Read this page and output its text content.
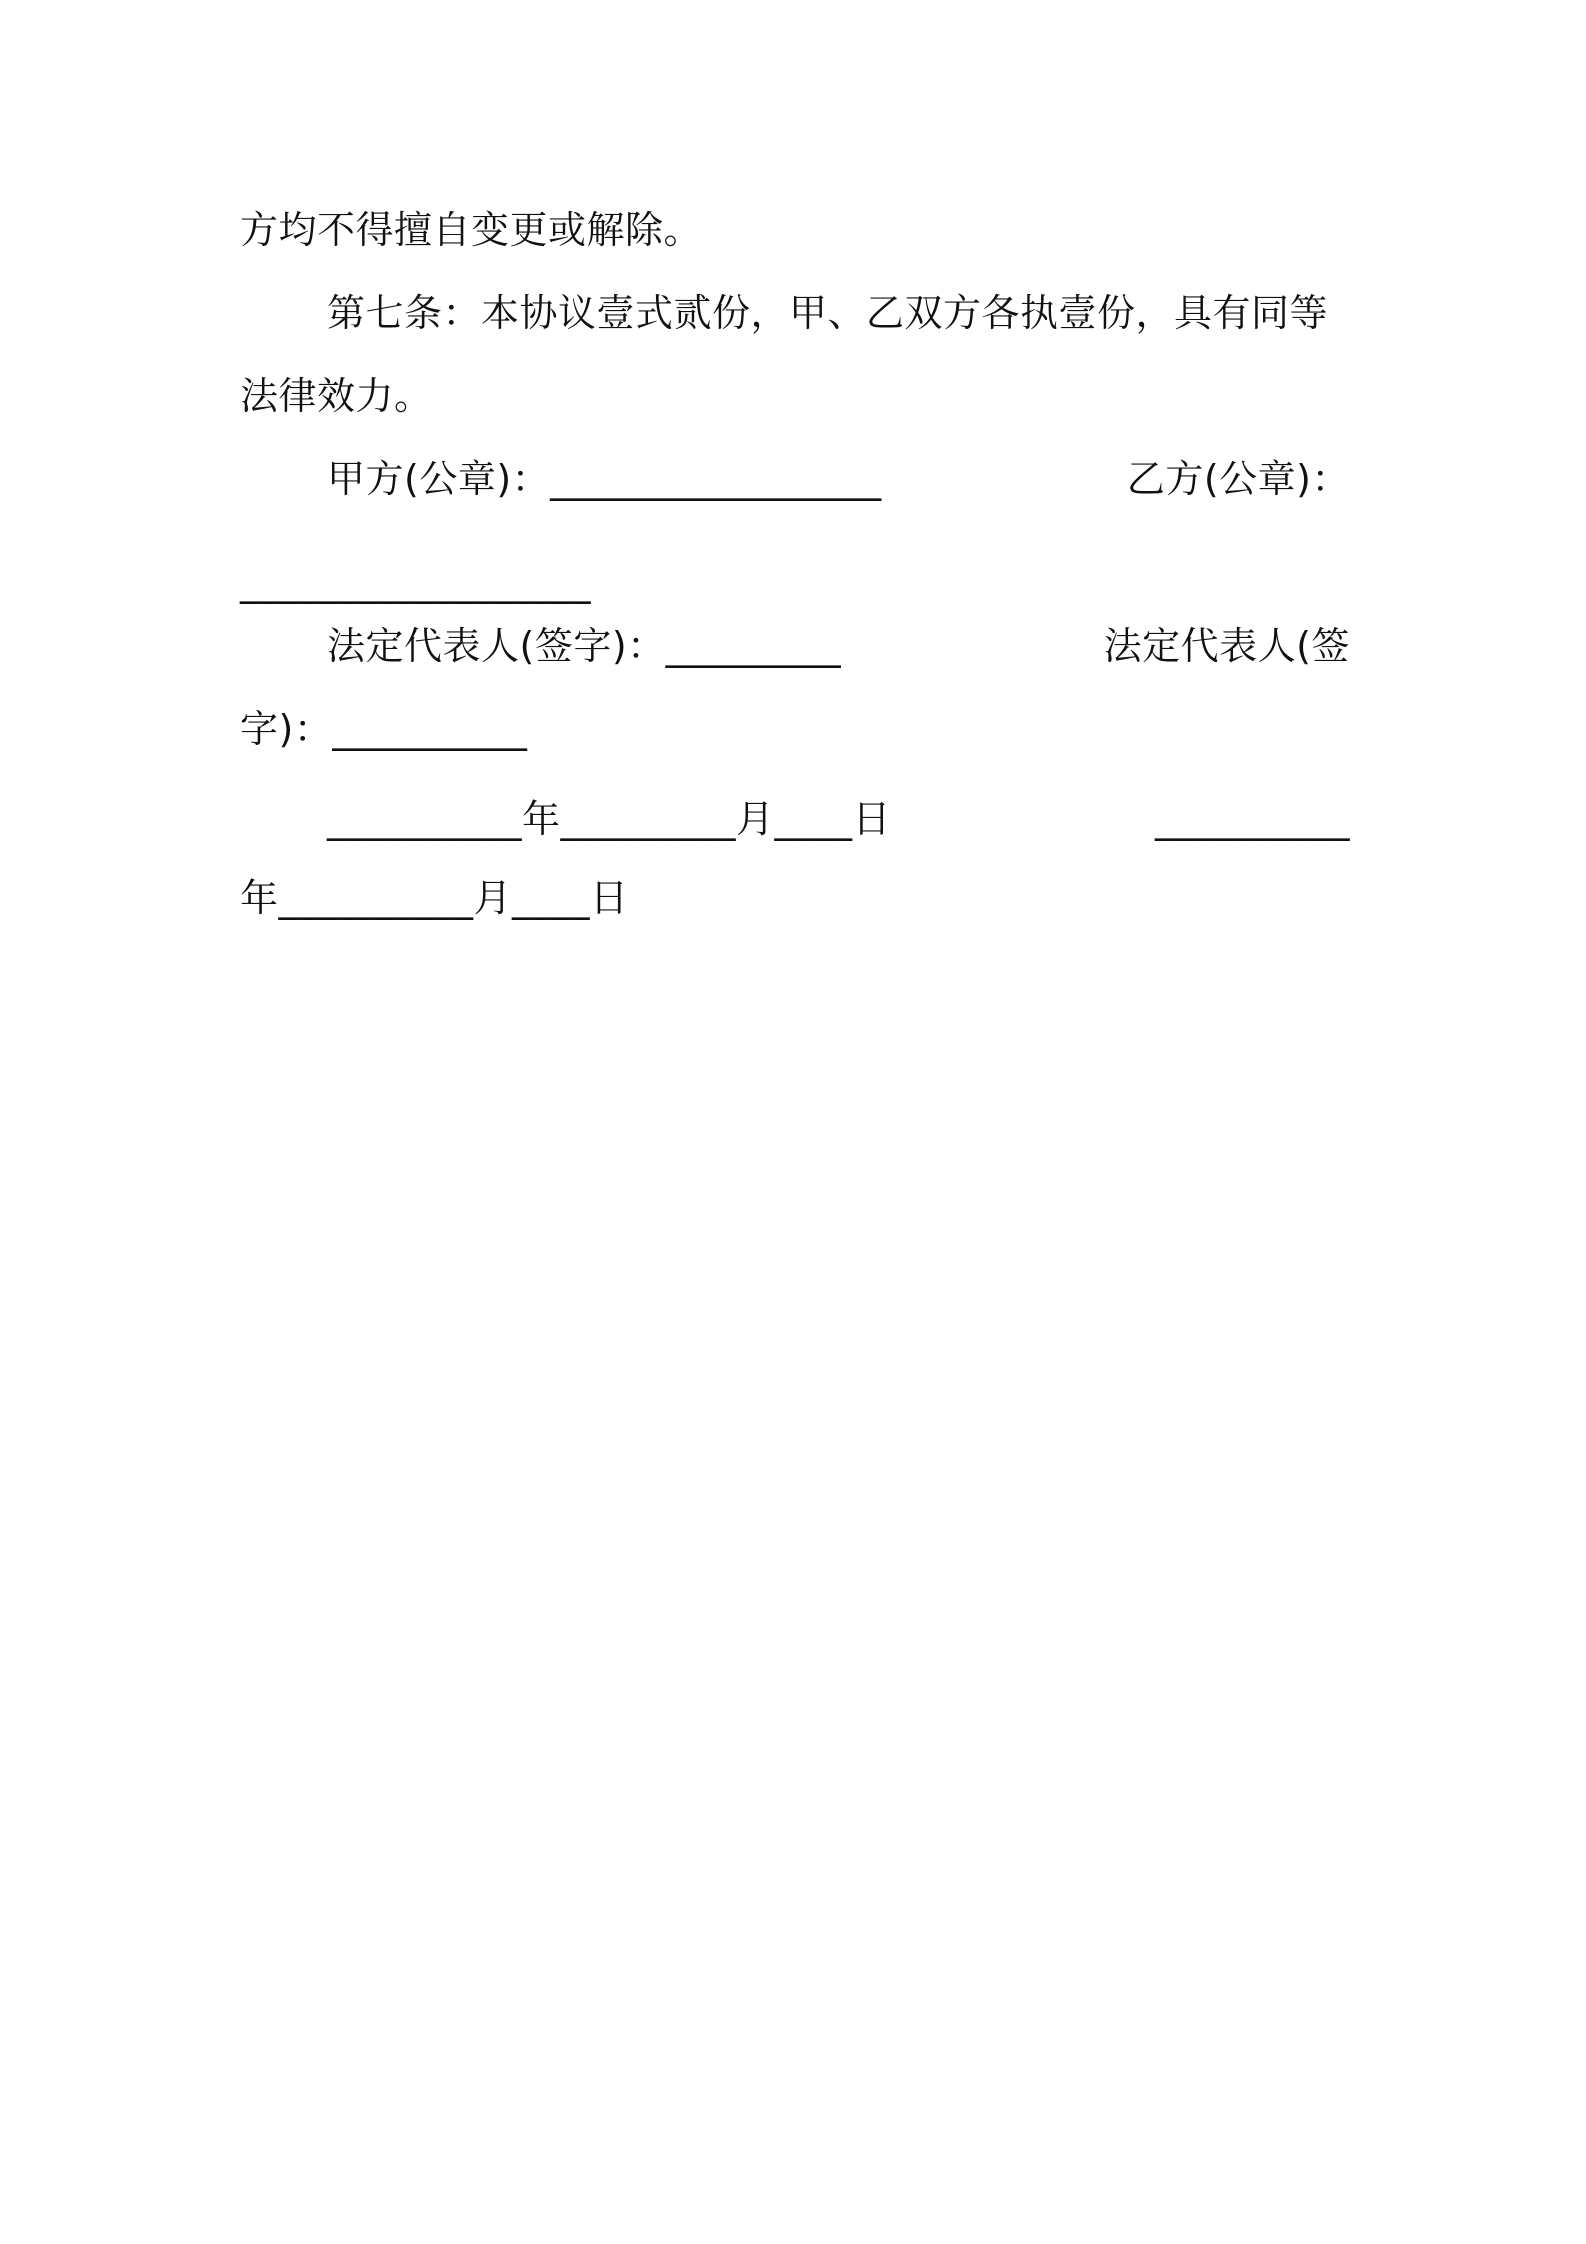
方均不得擅自变更或解除。
第七条：本协议壹式贰份，甲、乙双方各执壹份，具有同等
法律效力。
甲方(公章)：_________________	乙方(公章)：
__________________
法定代表人(签字)：_________	法定代表人(签
字)：__________
__________年_________月____日	__________
年__________月____日
